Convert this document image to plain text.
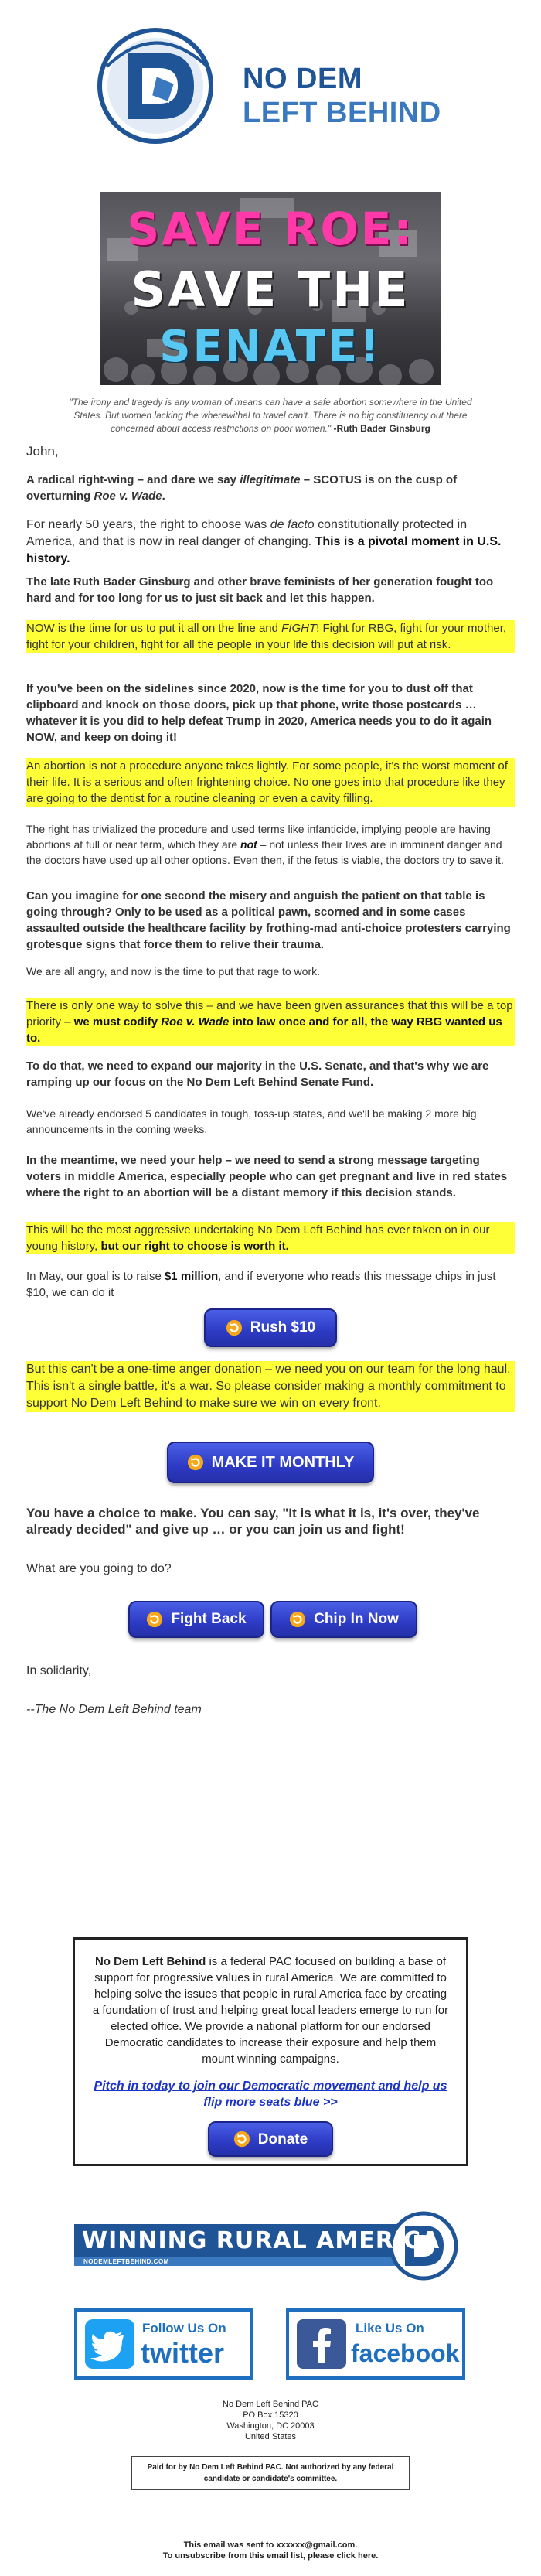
NO DEM
LEFT BEHIND
SAVE ROE:
SAVE THE
SENATE!
"The irony and tragedy is any woman of means can have a safe abortion somewhere in the United States. But women lacking the wherewithal to travel can't. There is no big constituency out there concerned about access restrictions on poor women." -Ruth Bader Ginsburg

John,

A radical right-wing – and dare we say illegitimate – SCOTUS is on the cusp of overturning Roe v. Wade.

For nearly 50 years, the right to choose was de facto constitutionally protected in America, and that is now in real danger of changing. This is a pivotal moment in U.S. history.

The late Ruth Bader Ginsburg and other brave feminists of her generation fought too hard and for too long for us to just sit back and let this happen.

NOW is the time for us to put it all on the line and FIGHT! Fight for RBG, fight for your mother, fight for your children, fight for all the people in your life this decision will put at risk.

If you've been on the sidelines since 2020, now is the time for you to dust off that clipboard and knock on those doors, pick up that phone, write those postcards … whatever it is you did to help defeat Trump in 2020, America needs you to do it again NOW, and keep on doing it!

An abortion is not a procedure anyone takes lightly. For some people, it's the worst moment of their life. It is a serious and often frightening choice. No one goes into that procedure like they are going to the dentist for a routine cleaning or even a cavity filling.

The right has trivialized the procedure and used terms like infanticide, implying people are having abortions at full or near term, which they are not – not unless their lives are in imminent danger and the doctors have used up all other options. Even then, if the fetus is viable, the doctors try to save it.

Can you imagine for one second the misery and anguish the patient on that table is going through? Only to be used as a political pawn, scorned and in some cases assaulted outside the healthcare facility by frothing-mad anti-choice protesters carrying grotesque signs that force them to relive their trauma.

We are all angry, and now is the time to put that rage to work.

There is only one way to solve this – and we have been given assurances that this will be a top priority – we must codify Roe v. Wade into law once and for all, the way RBG wanted us to.

To do that, we need to expand our majority in the U.S. Senate, and that's why we are ramping up our focus on the No Dem Left Behind Senate Fund.

We've already endorsed 5 candidates in tough, toss-up states, and we'll be making 2 more big announcements in the coming weeks.

In the meantime, we need your help – we need to send a strong message targeting voters in middle America, especially people who can get pregnant and live in red states where the right to an abortion will be a distant memory if this decision stands.

This will be the most aggressive undertaking No Dem Left Behind has ever taken on in our young history, but our right to choose is worth it.

In May, our goal is to raise $1 million, and if everyone who reads this message chips in just $10, we can do it

Rush $10

But this can't be a one-time anger donation – we need you on our team for the long haul. This isn't a single battle, it's a war. So please consider making a monthly commitment to support No Dem Left Behind to make sure we win on every front.

MAKE IT MONTHLY

You have a choice to make. You can say, "It is what it is, it's over, they've already decided" and give up … or you can join us and fight!

What are you going to do?

Fight Back	Chip In Now

In solidarity,

--The No Dem Left Behind team

No Dem Left Behind is a federal PAC focused on building a base of support for progressive values in rural America. We are committed to helping solve the issues that people in rural America face by creating a foundation of trust and helping great local leaders emerge to run for elected office. We provide a national platform for our endorsed Democratic candidates to increase their exposure and help them mount winning campaigns.
Pitch in today to join our Democratic movement and help us flip more seats blue >>
Donate
WINNING RURAL AMERICA
NODEMLEFTBEHIND.COM
Follow Us On
twitter
Like Us On
facebook
No Dem Left Behind PAC
PO Box 15320
Washington, DC 20003
United States
Paid for by No Dem Left Behind PAC. Not authorized by any federal candidate or candidate's committee.
This email was sent to xxxxxx@gmail.com.
To unsubscribe from this email list, please click here.
